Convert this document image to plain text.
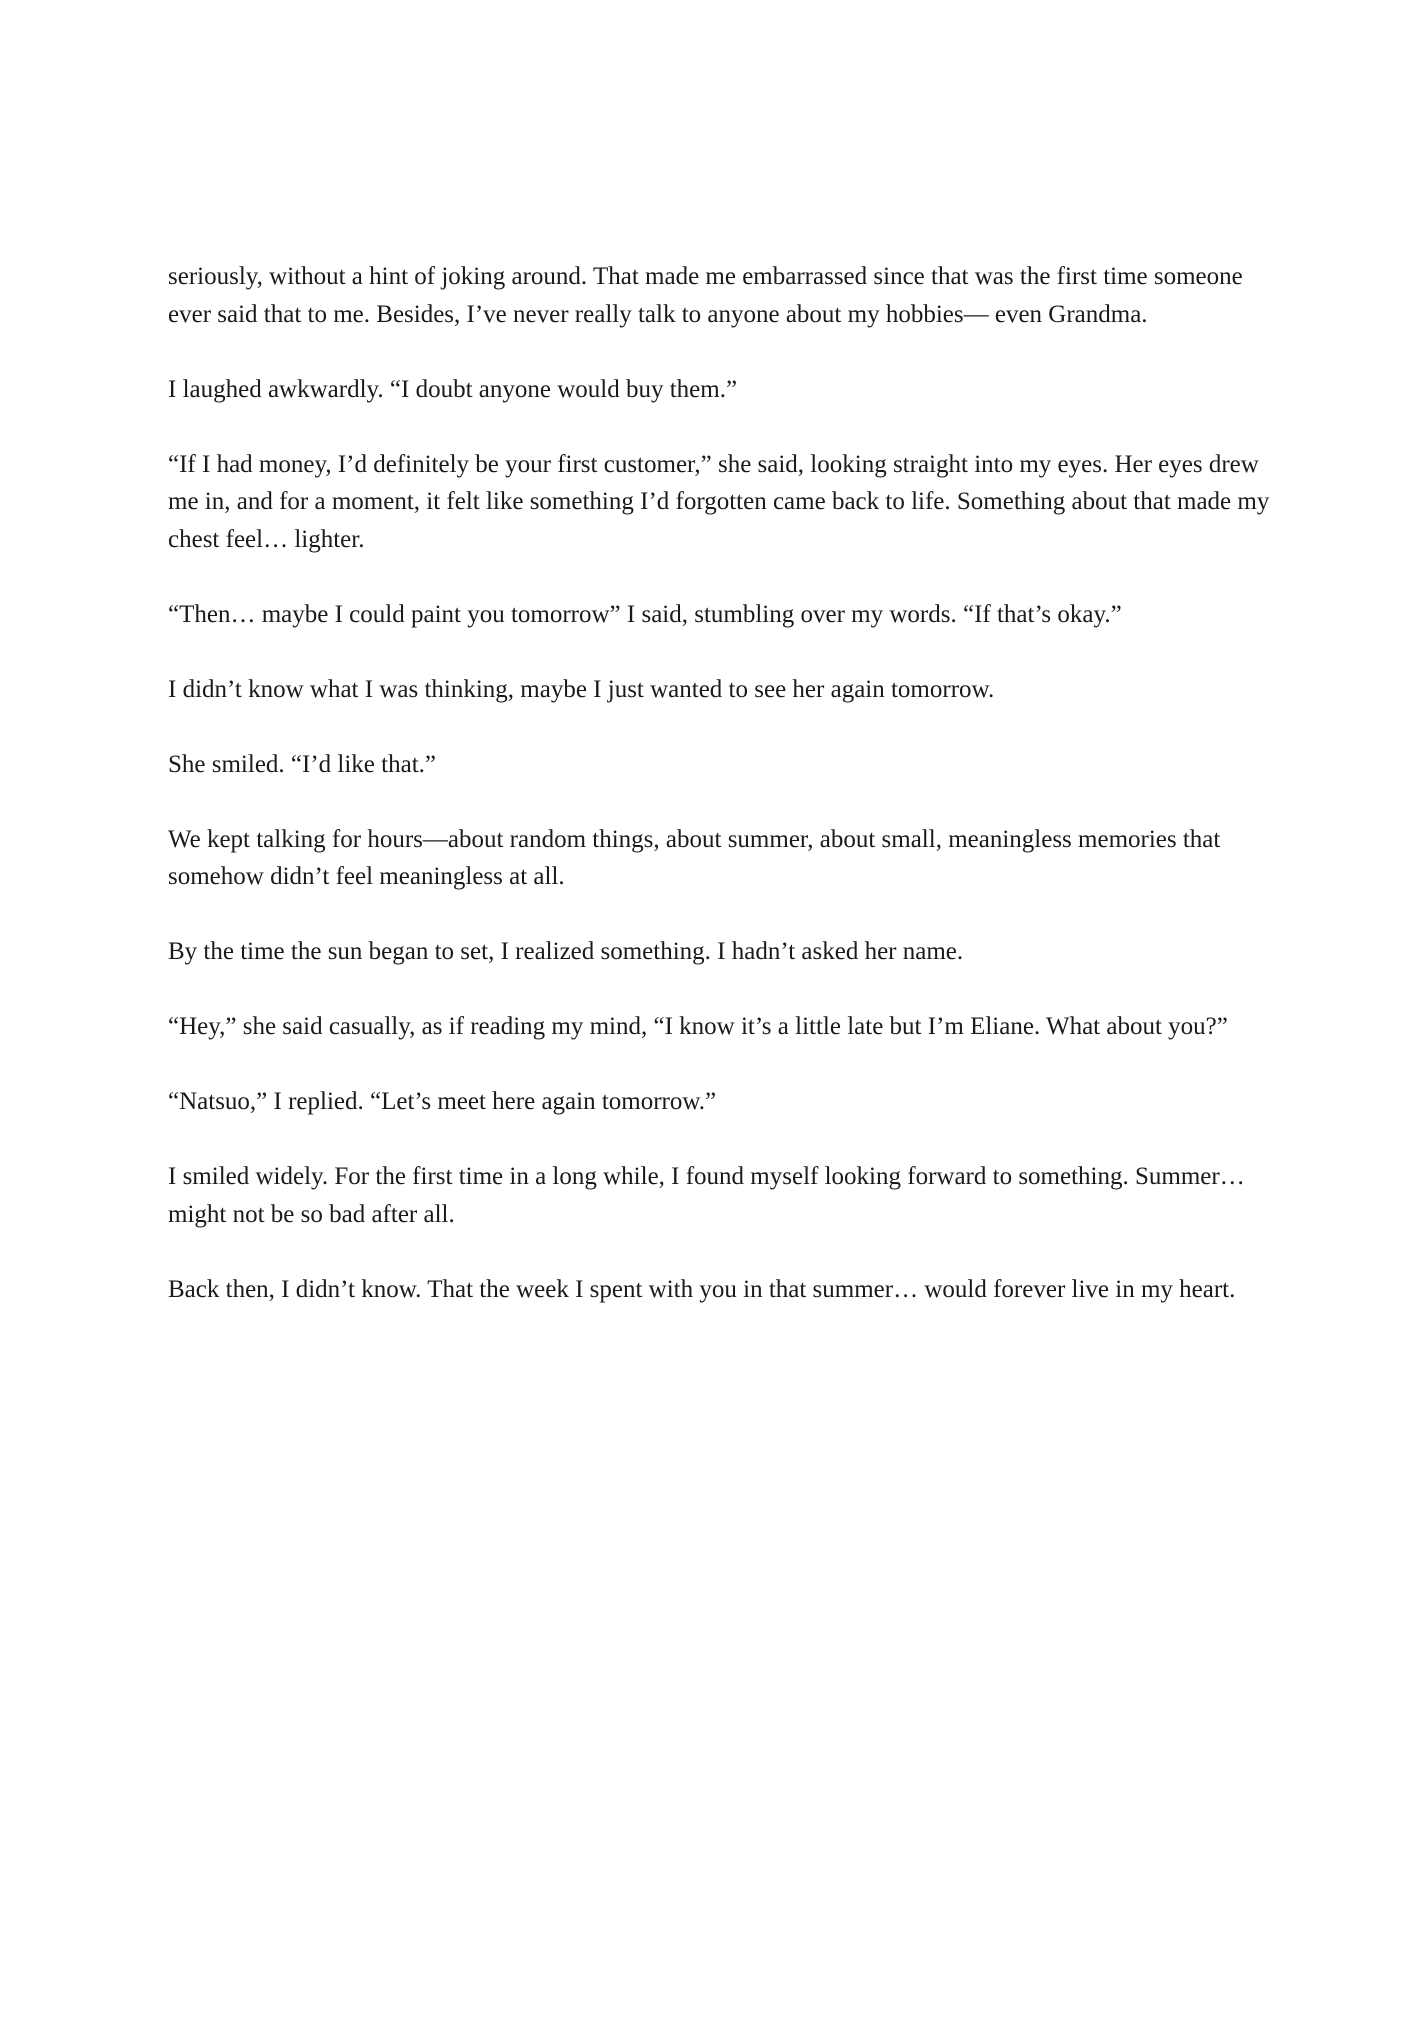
seriously, without a hint of joking around. That made me embarrassed since that was the first time someone ever said that to me. Besides, I’ve never really talk to anyone about my hobbies— even Grandma.

I laughed awkwardly. “I doubt anyone would buy them.”

“If I had money, I’d definitely be your first customer,” she said, looking straight into my eyes. Her eyes drew me in, and for a moment, it felt like something I’d forgotten came back to life. Something about that made my chest feel… lighter.

“Then… maybe I could paint you tomorrow” I said, stumbling over my words. “If that’s okay.”

I didn’t know what I was thinking, maybe I just wanted to see her again tomorrow.

She smiled. “I’d like that.”

We kept talking for hours—about random things, about summer, about small, meaningless memories that somehow didn’t feel meaningless at all.

By the time the sun began to set, I realized something. I hadn’t asked her name.

“Hey,” she said casually, as if reading my mind, “I know it’s a little late but I’m Eliane. What about you?”

“Natsuo,” I replied. “Let’s meet here again tomorrow.”

I smiled widely. For the first time in a long while, I found myself looking forward to something. Summer…might not be so bad after all.

Back then, I didn’t know. That the week I spent with you in that summer… would forever live in my heart.
